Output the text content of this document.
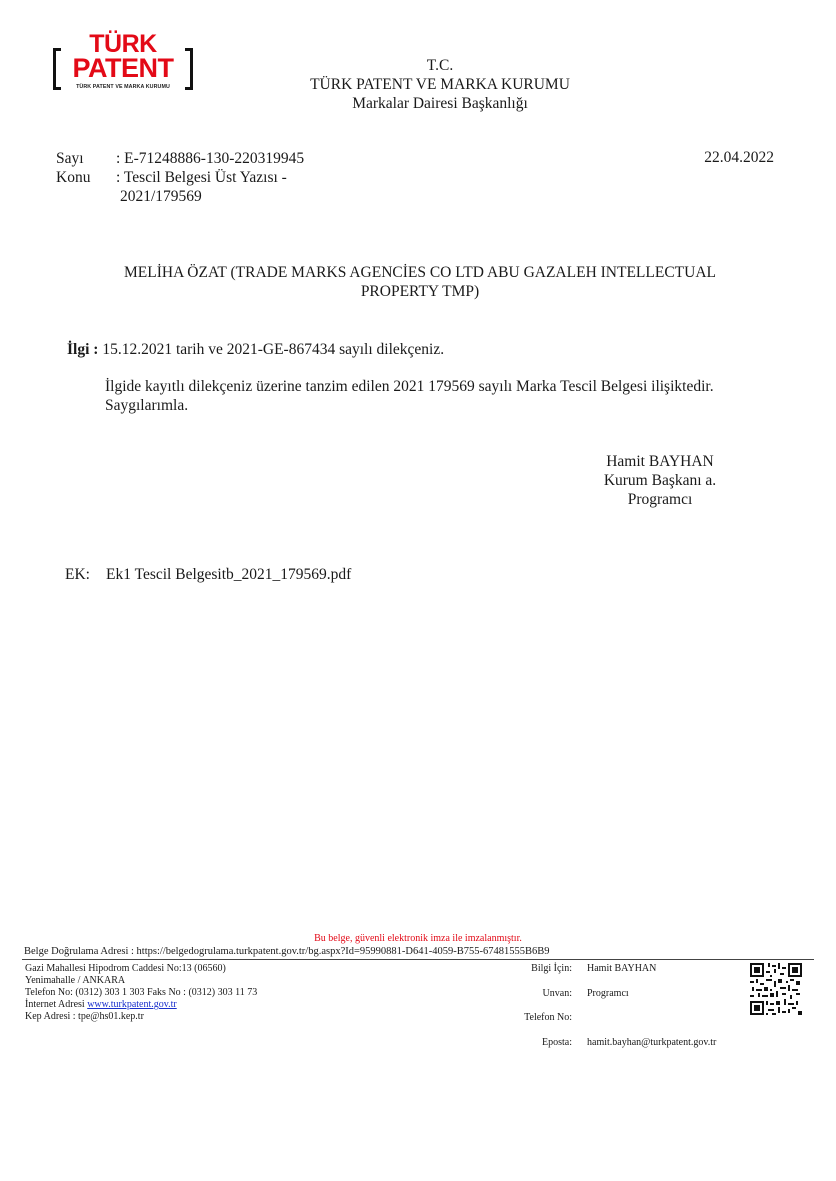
TÜRK
PATENT
TÜRK PATENT VE MARKA KURUMU
T.C.
TÜRK PATENT VE MARKA KURUMU
Markalar Dairesi Başkanlığı
Sayı : E-71248886-130-220319945
Konu : Tescil Belgesi Üst Yazısı -
2021/179569
22.04.2022
MELİHA ÖZAT (TRADE MARKS AGENCİES CO LTD ABU GAZALEH INTELLECTUAL
PROPERTY TMP)
İlgi : 15.12.2021 tarih ve 2021-GE-867434 sayılı dilekçeniz.
İlgide kayıtlı dilekçeniz üzerine tanzim edilen 2021 179569 sayılı Marka Tescil Belgesi ilişiktedir.
Saygılarımla.
Hamit BAYHAN
Kurum Başkanı a.
Programcı
EK: Ek1 Tescil Belgesitb_2021_179569.pdf
Bu belge, güvenli elektronik imza ile imzalanmıştır.
Belge Doğrulama Adresi : https://belgedogrulama.turkpatent.gov.tr/bg.aspx?Id=95990881-D641-4059-B755-67481555B6B9
Gazi Mahallesi Hipodrom Caddesi No:13 (06560)
Yenimahalle / ANKARA
Telefon No: (0312) 303 1 303 Faks No : (0312) 303 11 73
İnternet Adresi www.turkpatent.gov.tr
Kep Adresi : tpe@hs01.kep.tr
Bilgi İçin: Hamit BAYHAN
Unvan: Programcı
Telefon No:
Eposta: hamit.bayhan@turkpatent.gov.tr
